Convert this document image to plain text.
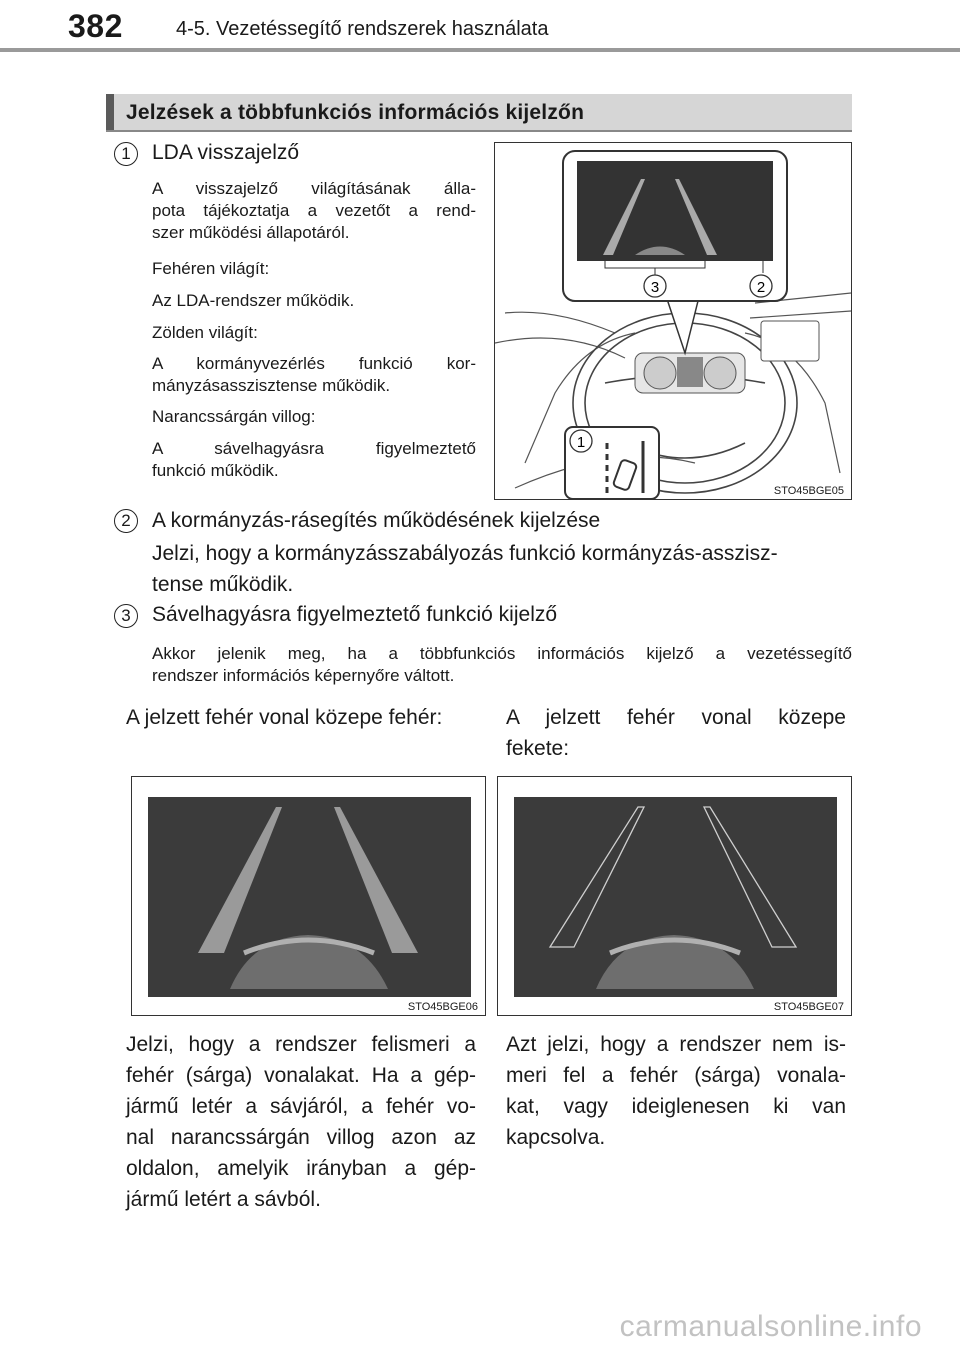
382	4-5. Vezetéssegítő rendszerek használata
Jelzések a többfunkciós információs kijelzőn
1	LDA visszajelző
A visszajelző világításának álla-
pota tájékoztatja a vezetőt a rend-
szer működési állapotáról.
Fehéren világít:
Az LDA-rendszer működik.
Zölden világít:
A kormányvezérlés funkció kor-
mányzásasszisztense működik.
Narancssárgán villog:
A sávelhagyásra figyelmeztető
funkció működik.
3	2
1
STO45BGE05
2	A kormányzás-rásegítés működésének kijelzése
Jelzi, hogy a kormányzásszabályozás funkció kormányzás-asszisz-
tense működik.
3	Sávelhagyásra figyelmeztető funkció kijelző
Akkor jelenik meg, ha a többfunkciós információs kijelző a vezetéssegítő
rendszer információs képernyőre váltott.
A jelzett fehér vonal közepe fehér:	A jelzett fehér vonal közepe
fekete:
STO45BGE06	STO45BGE07
Jelzi, hogy a rendszer felismeri a
fehér (sárga) vonalakat. Ha a gép-
jármű letér a sávjáról, a fehér vo-
nal narancssárgán villog azon az
oldalon, amelyik irányban a gép-
jármű letért a sávból.
Azt jelzi, hogy a rendszer nem is-
meri fel a fehér (sárga) vonala-
kat, vagy ideiglenesen ki van
kapcsolva.
carmanualsonline.info
